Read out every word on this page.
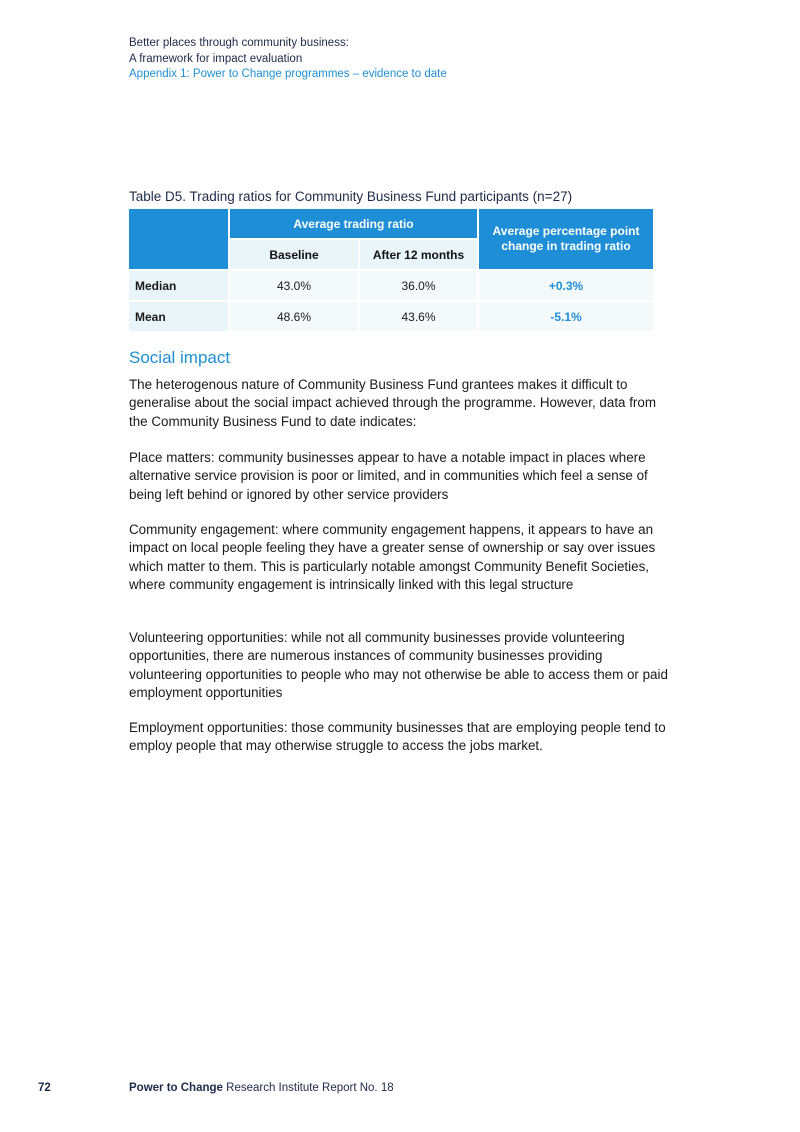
Better places through community business:
A framework for impact evaluation
Appendix 1: Power to Change programmes – evidence to date
Table D5. Trading ratios for Community Business Fund participants (n=27)
	Average trading ratio		Average percentage point change in trading ratio
	Baseline	After 12 months	
Median	43.0%	36.0%	+0.3%
Mean	48.6%	43.6%	-5.1%
Social impact

The heterogenous nature of Community Business Fund grantees makes it difficult to generalise about the social impact achieved through the programme. However, data from the Community Business Fund to date indicates:

Place matters: community businesses appear to have a notable impact in places where alternative service provision is poor or limited, and in communities which feel a sense of being left behind or ignored by other service providers

Community engagement: where community engagement happens, it appears to have an impact on local people feeling they have a greater sense of ownership or say over issues which matter to them. This is particularly notable amongst Community Benefit Societies, where community engagement is intrinsically linked with this legal structure

Volunteering opportunities: while not all community businesses provide volunteering opportunities, there are numerous instances of community businesses providing volunteering opportunities to people who may not otherwise be able to access them or paid employment opportunities

Employment opportunities: those community businesses that are employing people tend to employ people that may otherwise struggle to access the jobs market.

72	Power to Change Research Institute Report No. 18
